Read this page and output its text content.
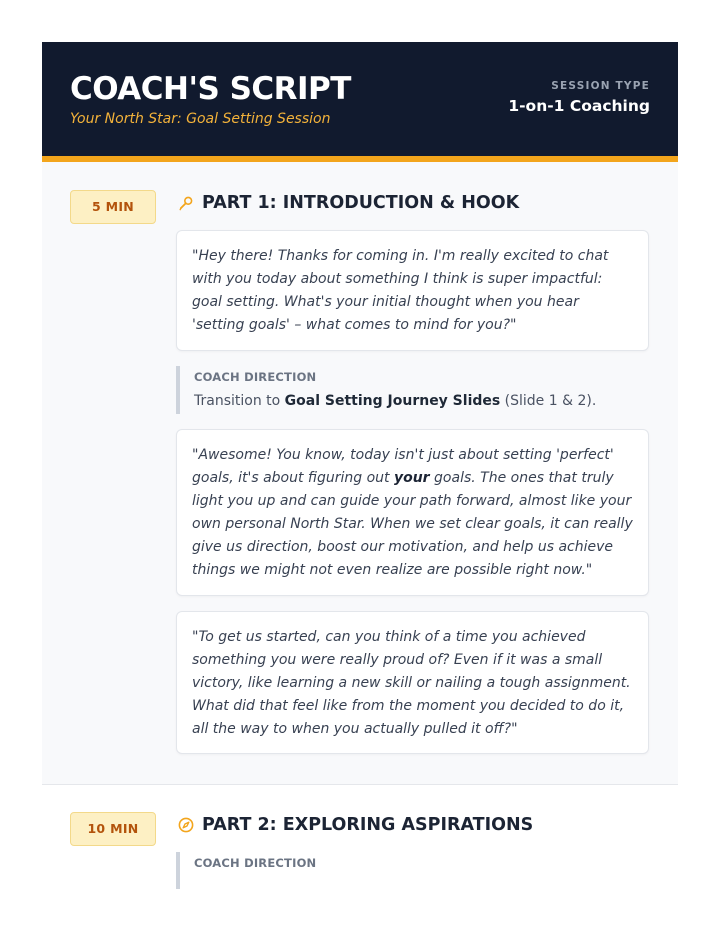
COACH'S SCRIPT
Your North Star: Goal Setting Session
SESSION TYPE
1-on-1 Coaching
5 MIN	PART 1: INTRODUCTION & HOOK

"Hey there! Thanks for coming in. I'm really excited to chat with you today about something I think is super impactful: goal setting. What's your initial thought when you hear 'setting goals' – what comes to mind for you?"

COACH DIRECTION
Transition to Goal Setting Journey Slides (Slide 1 & 2).

"Awesome! You know, today isn't just about setting 'perfect' goals, it's about figuring out your goals. The ones that truly light you up and can guide your path forward, almost like your own personal North Star. When we set clear goals, it can really give us direction, boost our motivation, and help us achieve things we might not even realize are possible right now."

"To get us started, can you think of a time you achieved something you were really proud of? Even if it was a small victory, like learning a new skill or nailing a tough assignment. What did that feel like from the moment you decided to do it, all the way to when you actually pulled it off?"

10 MIN	PART 2: EXPLORING ASPIRATIONS
COACH DIRECTION
